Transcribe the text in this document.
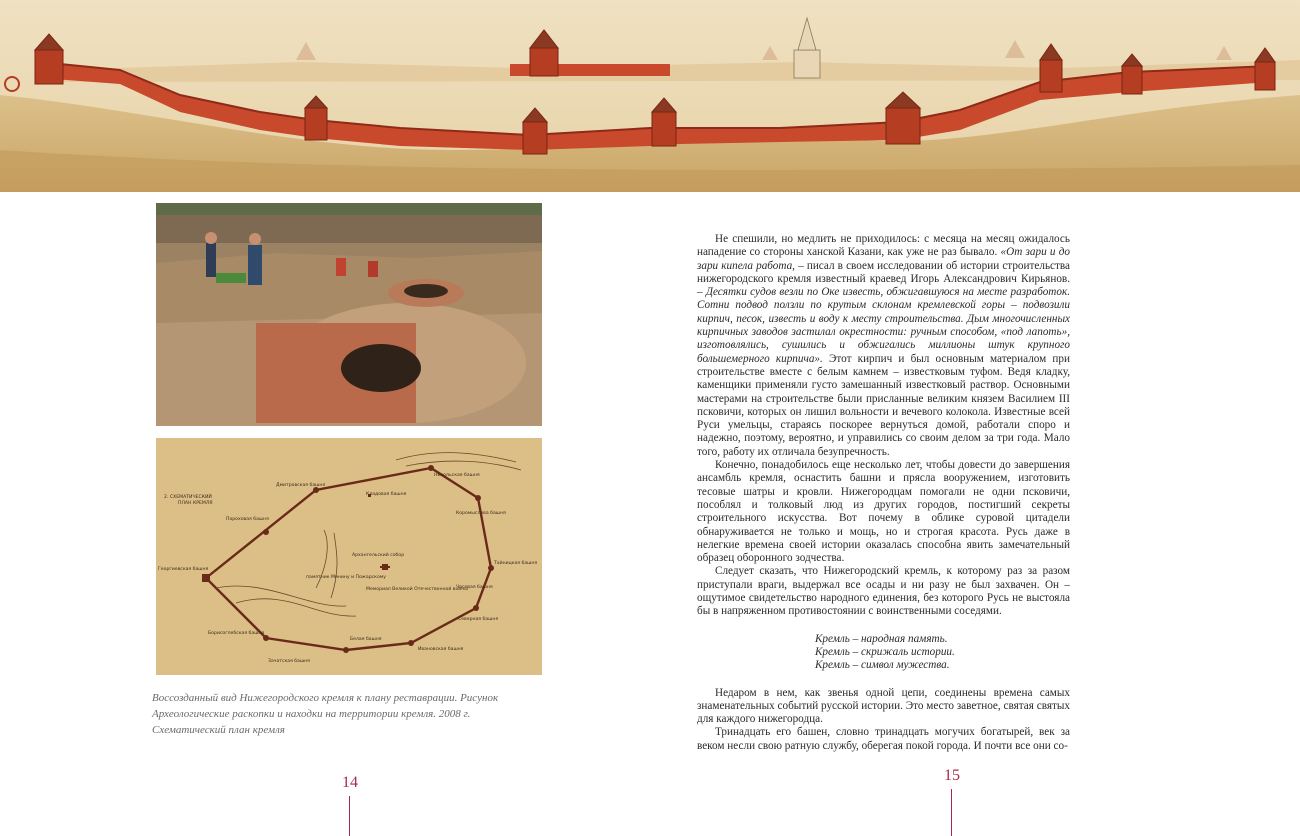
2. СХЕМАТИЧЕСКИЙ
ПЛАН КРЕМЛЯ
Дмитровская башня
Никольская башня
Кладовая башня
Пороховая башня
Коромыслова башня
Георгиевская башня
Архангельский собор
Тайницкая башня
памятник Минину и Пожарскому
Мемориал Великой Отечественной войны
Ивановская башня
Северная башня
Борисоглебская башня
Белая башня
Зачатская башня
Часовая башня
Воссозданный вид Нижегородского кремля к плану реставрации. Рисунок
Археологические раскопки и находки на территории кремля. 2008 г.
Схематический план кремля
14	15

Не спешили, но медлить не приходилось: с месяца на месяц ожидалось нападение со стороны ханской Казани, как уже не раз бывало. «От зари и до зари кипела работа, – писал в своем исследовании об истории строительства нижегородского кремля известный краевед Игорь Александрович Кирьянов. – Десятки судов везли по Оке известь, обжигавшуюся на месте разработок. Сотни подвод ползли по крутым склонам кремлевской горы – подвозили кирпич, песок, известь и воду к месту строительства. Дым многочисленных кирпичных заводов застилал окрестности: ручным способом, «под лапоть», изготовлялись, сушились и обжигались миллионы штук крупного большемерного кирпича». Этот кирпич и был основным материалом при строительстве вместе с белым камнем – известковым туфом. Ведя кладку, каменщики применяли густо замешанный известковый раствор. Основными мастерами на строительстве были присланные великим князем Василием III псковичи, которых он лишил вольности и вечевого колокола. Известные всей Руси умельцы, стараясь поскорее вернуться домой, работали споро и надежно, поэтому, вероятно, и управились со своим делом за три года. Мало того, работу их отличала безупречность.

Конечно, понадобилось еще несколько лет, чтобы довести до завершения ансамбль кремля, оснастить башни и прясла вооружением, изготовить тесовые шатры и кровли. Нижегородцам помогали не одни псковичи, пособлял и толковый люд из других городов, постигший секреты строительного искусства. Вот почему в облике суровой цитадели обнаруживается не только и мощь, но и строгая красота. Русь даже в нелегкие времена своей истории оказалась способна явить замечательный образец оборонного зодчества.

Следует сказать, что Нижегородский кремль, к которому раз за разом приступали враги, выдержал все осады и ни разу не был захвачен. Он – ощутимое свидетельство народного единения, без которого Русь не выстояла бы в напряженном противостоянии с воинственными соседями.

Кремль – народная память.
Кремль – скрижаль истории.
Кремль – символ мужества.

Недаром в нем, как звенья одной цепи, соединены времена самых знаменательных событий русской истории. Это место заветное, святая святых для каждого нижегородца.

Тринадцать его башен, словно тринадцать могучих богатырей, век за веком несли свою ратную службу, оберегая покой города. И почти все они со-
